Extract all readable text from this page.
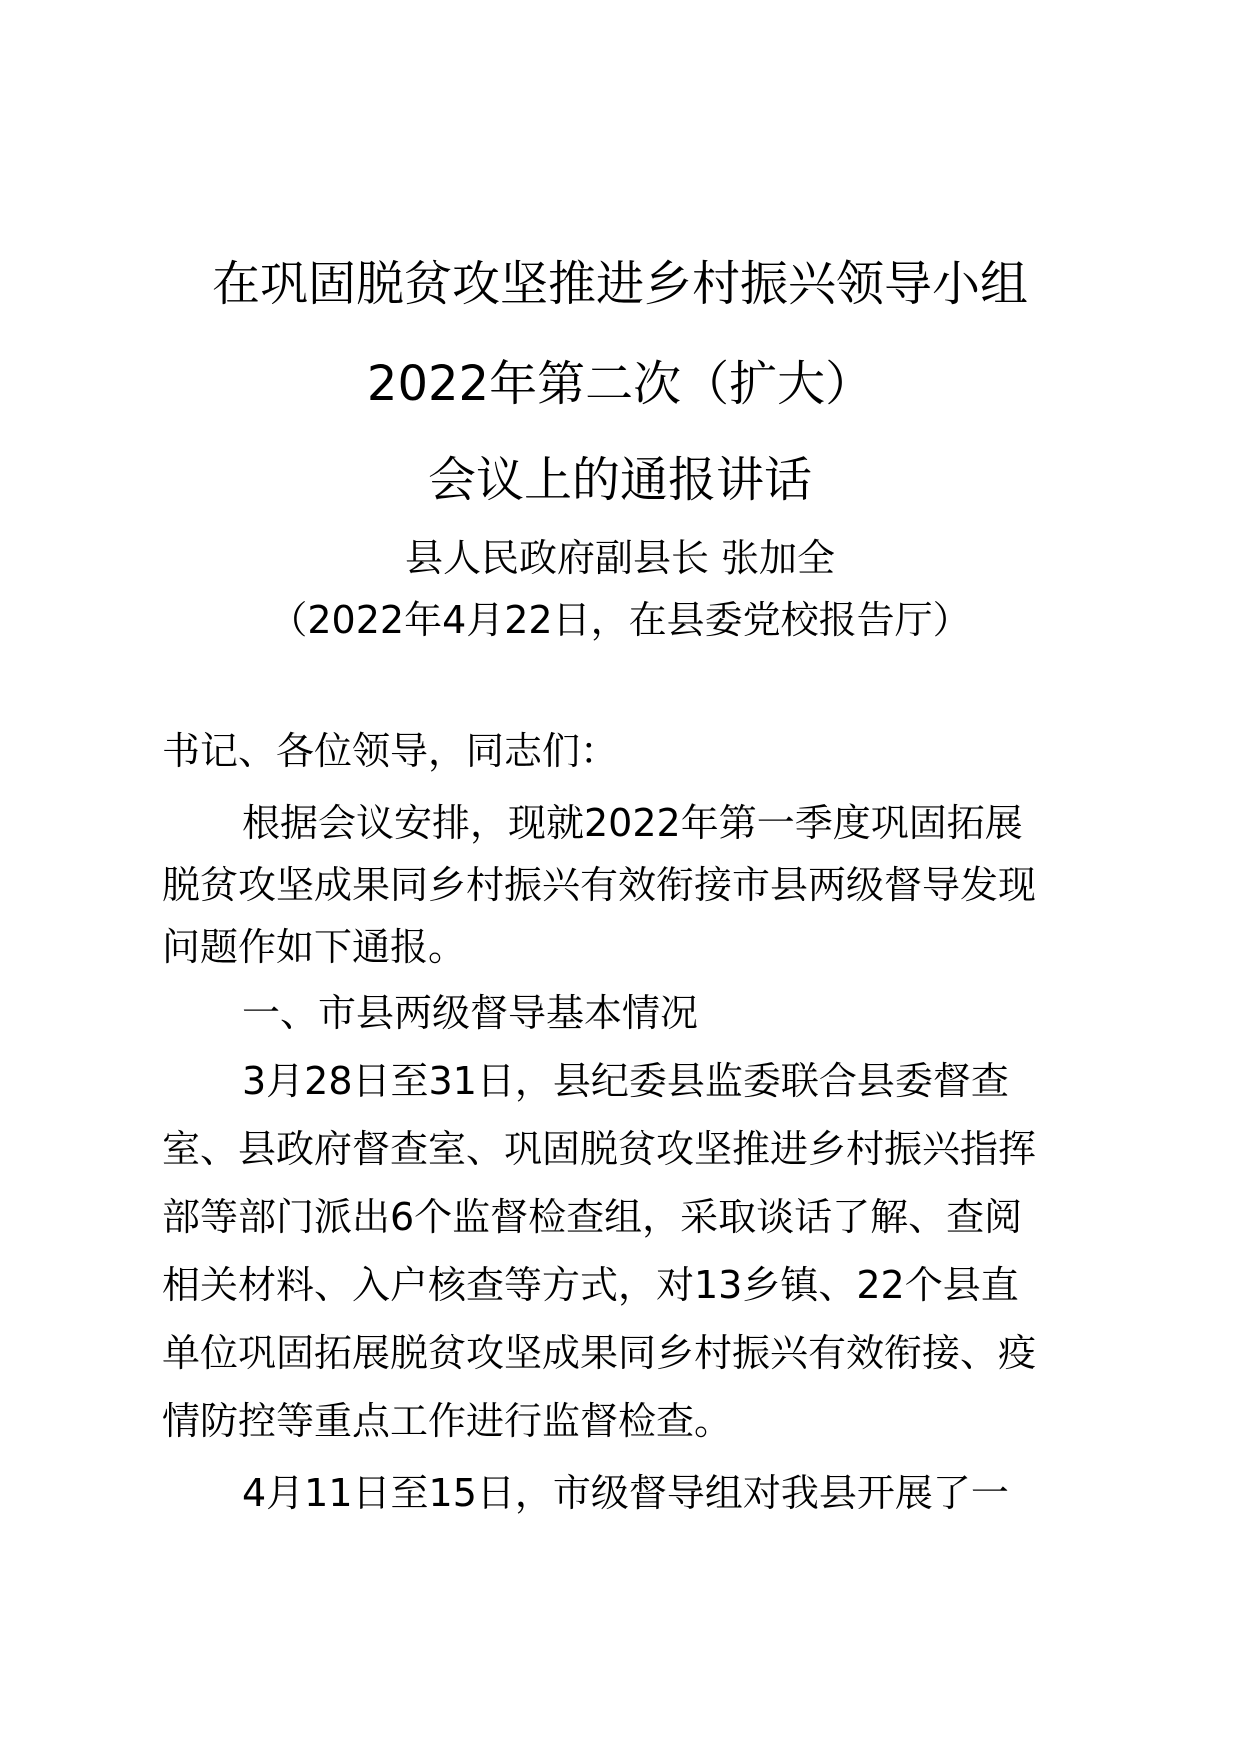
在巩固脱贫攻坚推进乡村振兴领导小组
2022年第二次（扩大）
会议上的通报讲话
县人民政府副县长 张加全
（2022年4月22日，在县委党校报告厅）
书记、各位领导，同志们：
根据会议安排，现就2022年第一季度巩固拓展
脱贫攻坚成果同乡村振兴有效衔接市县两级督导发现
问题作如下通报。
一、市县两级督导基本情况
3月28日至31日，县纪委县监委联合县委督查
室、县政府督查室、巩固脱贫攻坚推进乡村振兴指挥
部等部门派出6个监督检查组，采取谈话了解、查阅
相关材料、入户核查等方式，对13乡镇、22个县直
单位巩固拓展脱贫攻坚成果同乡村振兴有效衔接、疫
情防控等重点工作进行监督检查。
4月11日至15日，市级督导组对我县开展了一
